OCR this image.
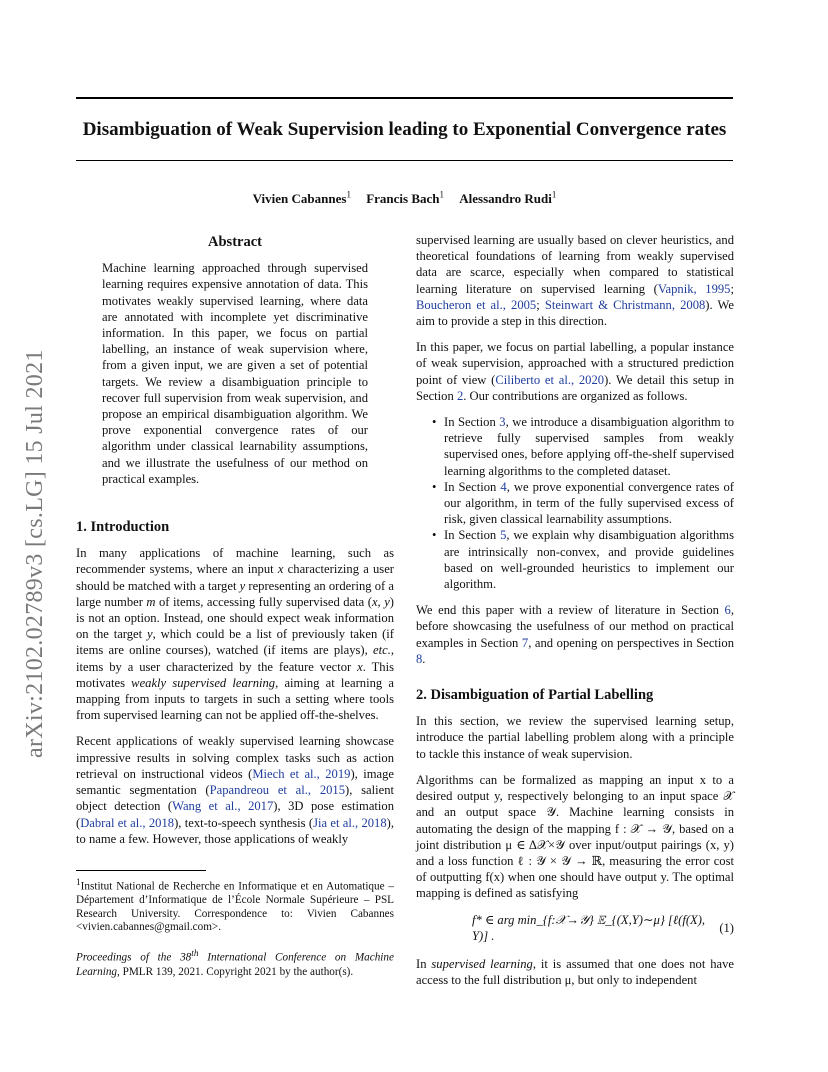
Disambiguation of Weak Supervision leading to Exponential Convergence rates
Vivien Cabannes$^1$ Francis Bach$^1$ Alessandro Rudi$^1$
arXiv:2102.02789v3 [cs.LG] 15 Jul 2021
Abstract

Machine learning approached through supervised learning requires expensive annotation of data. This motivates weakly supervised learning, where data are annotated with incomplete yet discriminative information. In this paper, we focus on partial labelling, an instance of weak supervision where, from a given input, we are given a set of potential targets. We review a disambiguation principle to recover full supervision from weak supervision, and propose an empirical disambiguation algorithm. We prove exponential convergence rates of our algorithm under classical learnability assumptions, and we illustrate the usefulness of our method on practical examples.

1. Introduction

In many applications of machine learning, such as recommender systems, where an input x characterizing a user should be matched with a target y representing an ordering of a large number m of items, accessing fully supervised data (x, y) is not an option. Instead, one should expect weak information on the target y, which could be a list of previously taken (if items are online courses), watched (if items are plays), etc., items by a user characterized by the feature vector x. This motivates weakly supervised learning, aiming at learning a mapping from inputs to targets in such a setting where tools from supervised learning can not be applied off-the-shelves.

Recent applications of weakly supervised learning showcase impressive results in solving complex tasks such as action retrieval on instructional videos (Miech et al., 2019), image semantic segmentation (Papandreou et al., 2015), salient object detection (Wang et al., 2017), 3D pose estimation (Dabral et al., 2018), text-to-speech synthesis (Jia et al., 2018), to name a few. However, those applications of weakly

$^1$Institut National de Recherche en Informatique et en Automatique – Département d’Informatique de l’École Normale Supérieure – PSL Research University. Correspondence to: Vivien Cabannes <vivien.cabannes@gmail.com>.

Proceedings of the 38th International Conference on Machine Learning, PMLR 139, 2021. Copyright 2021 by the author(s).

supervised learning are usually based on clever heuristics, and theoretical foundations of learning from weakly supervised data are scarce, especially when compared to statistical learning literature on supervised learning (Vapnik, 1995; Boucheron et al., 2005; Steinwart & Christmann, 2008). We aim to provide a step in this direction.

In this paper, we focus on partial labelling, a popular instance of weak supervision, approached with a structured prediction point of view (Ciliberto et al., 2020). We detail this setup in Section 2. Our contributions are organized as follows.

• In Section 3, we introduce a disambiguation algorithm to retrieve fully supervised samples from weakly supervised ones, before applying off-the-shelf supervised learning algorithms to the completed dataset.
• In Section 4, we prove exponential convergence rates of our algorithm, in term of the fully supervised excess of risk, given classical learnability assumptions.
• In Section 5, we explain why disambiguation algorithms are intrinsically non-convex, and provide guidelines based on well-grounded heuristics to implement our algorithm.

We end this paper with a review of literature in Section 6, before showcasing the usefulness of our method on practical examples in Section 7, and opening on perspectives in Section 8.

2. Disambiguation of Partial Labelling

In this section, we review the supervised learning setup, introduce the partial labelling problem along with a principle to tackle this instance of weak supervision.

Algorithms can be formalized as mapping an input x to a desired output y, respectively belonging to an input space 𝒳 and an output space 𝒴. Machine learning consists in automating the design of the mapping f : 𝒳 → 𝒴, based on a joint distribution μ ∈ Δ𝒳×𝒴 over input/output pairings (x, y) and a loss function ℓ : 𝒴 × 𝒴 → ℝ, measuring the error cost of outputting f(x) when one should have output y. The optimal mapping is defined as satisfying

f* ∈ arg min_{f:𝒳→𝒴} 𝔼_{(X,Y)∼μ} [ℓ(f(X), Y)] .
(1)

In supervised learning, it is assumed that one does not have access to the full distribution μ, but only to independent
